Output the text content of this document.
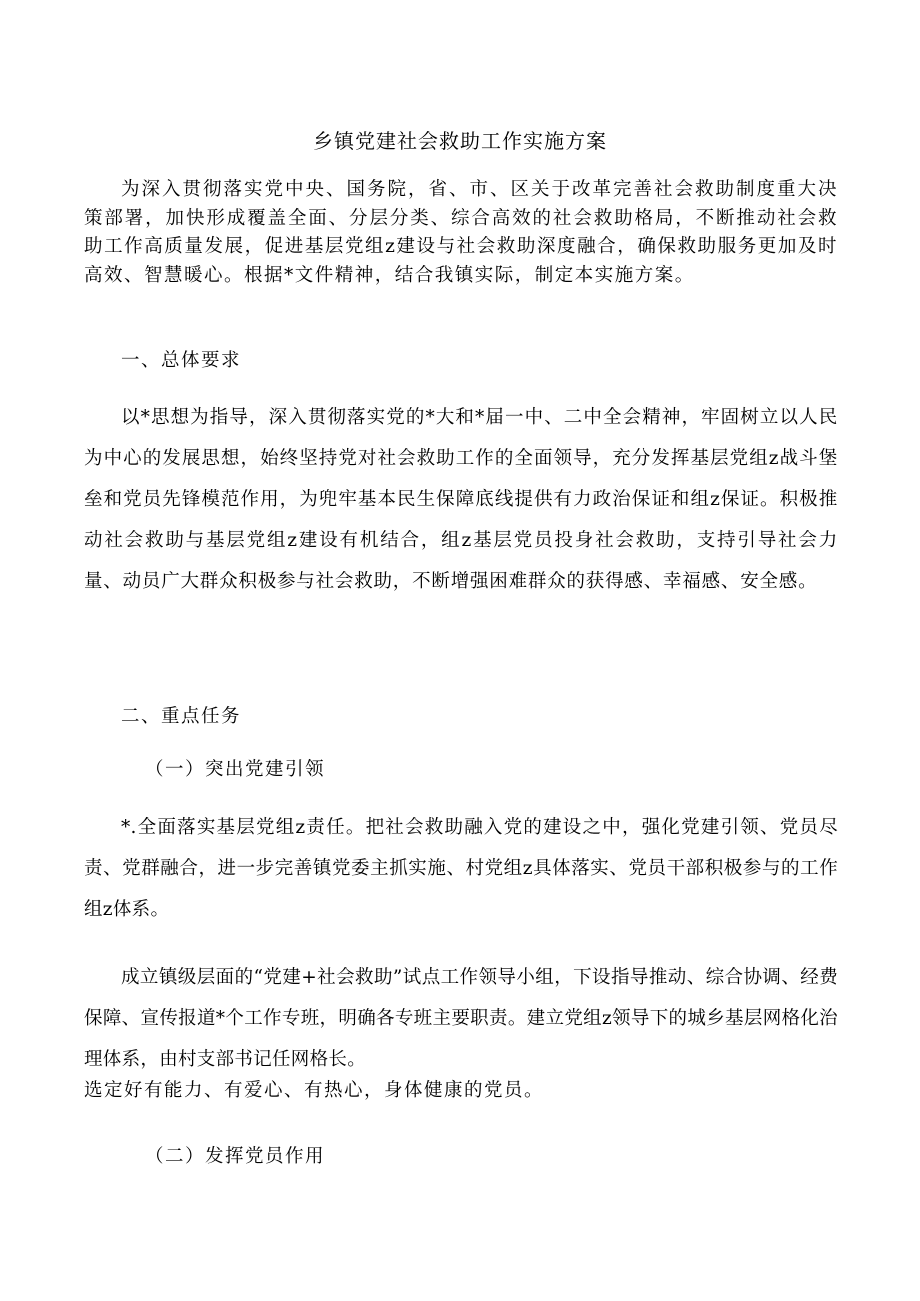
乡镇党建社会救助工作实施方案

为深入贯彻落实党中央、国务院，省、市、区关于改革完善社会救助制度重大决策部署，加快形成覆盖全面、分层分类、综合高效的社会救助格局，不断推动社会救助工作高质量发展，促进基层党组z建设与社会救助深度融合，确保救助服务更加及时高效、智慧暖心。根据*文件精神，结合我镇实际，制定本实施方案。

一、总体要求

以*思想为指导，深入贯彻落实党的*大和*届一中、二中全会精神，牢固树立以人民为中心的发展思想，始终坚持党对社会救助工作的全面领导，充分发挥基层党组z战斗堡垒和党员先锋模范作用，为兜牢基本民生保障底线提供有力政治保证和组z保证。积极推动社会救助与基层党组z建设有机结合，组z基层党员投身社会救助，支持引导社会力量、动员广大群众积极参与社会救助，不断增强困难群众的获得感、幸福感、安全感。

二、重点任务

（一）突出党建引领

*.全面落实基层党组z责任。把社会救助融入党的建设之中，强化党建引领、党员尽责、党群融合，进一步完善镇党委主抓实施、村党组z具体落实、党员干部积极参与的工作组z体系。

成立镇级层面的“党建+社会救助”试点工作领导小组，下设指导推动、综合协调、经费保障、宣传报道*个工作专班，明确各专班主要职责。建立党组z领导下的城乡基层网格化治理体系，由村支部书记任网格长。

选定好有能力、有爱心、有热心，身体健康的党员。

（二）发挥党员作用
